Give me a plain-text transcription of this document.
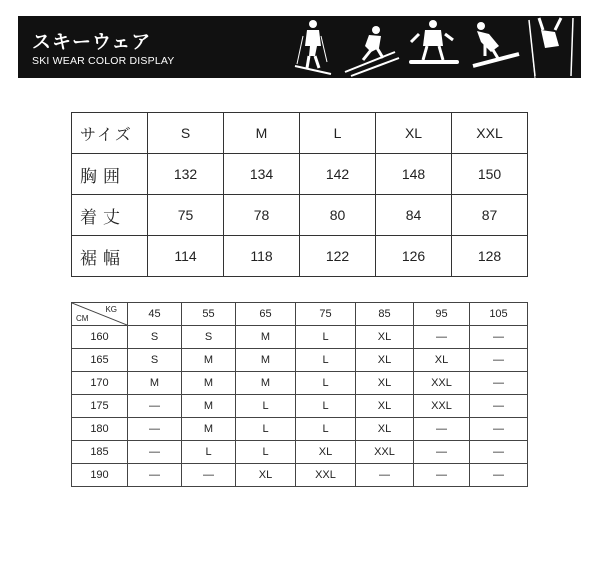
スキーウェア
SKI WEAR COLOR DISPLAY
サイズ	S	M	L	XL	XXL
胸囲	132	134	142	148	150
着丈	75	78	80	84	87
裾幅	114	118	122	126	128
KG
CM	45	55	65	75	85	95	105
160	S	S	M	L	XL	—	—
165	S	M	M	L	XL	XL	—
170	M	M	M	L	XL	XXL	—
175	—	M	L	L	XL	XXL	—
180	—	M	L	L	XL	—	—
185	—	L	L	XL	XXL	—	—
190	—	—	XL	XXL	—	—	—
